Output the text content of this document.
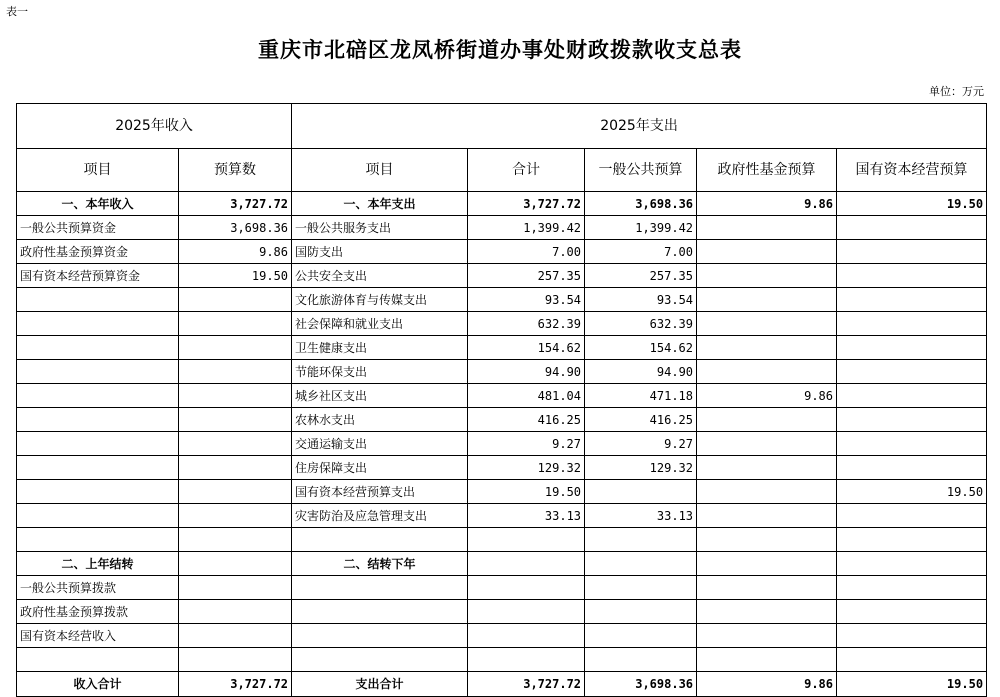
表一
重庆市北碚区龙凤桥街道办事处财政拨款收支总表
单位：万元
2025年收入		2025年支出				
项目	预算数	项目	合计	一般公共预算	政府性基金预算	国有资本经营预算
一、本年收入	3,727.72	一、本年支出	3,727.72	3,698.36	9.86	19.50
一般公共预算资金	3,698.36	一般公共服务支出	1,399.42	1,399.42		
政府性基金预算资金	9.86	国防支出	7.00	7.00		
国有资本经营预算资金	19.50	公共安全支出	257.35	257.35		
		文化旅游体育与传媒支出	93.54	93.54		
		社会保障和就业支出	632.39	632.39		
		卫生健康支出	154.62	154.62		
		节能环保支出	94.90	94.90		
		城乡社区支出	481.04	471.18	9.86	
		农林水支出	416.25	416.25		
		交通运输支出	9.27	9.27		
		住房保障支出	129.32	129.32		
		国有资本经营预算支出	19.50			19.50
		灾害防治及应急管理支出	33.13	33.13		

二、上年结转		二、结转下年				
一般公共预算拨款						
政府性基金预算拨款						
国有资本经营收入						

收入合计	3,727.72	支出合计	3,727.72	3,698.36	9.86	19.50
